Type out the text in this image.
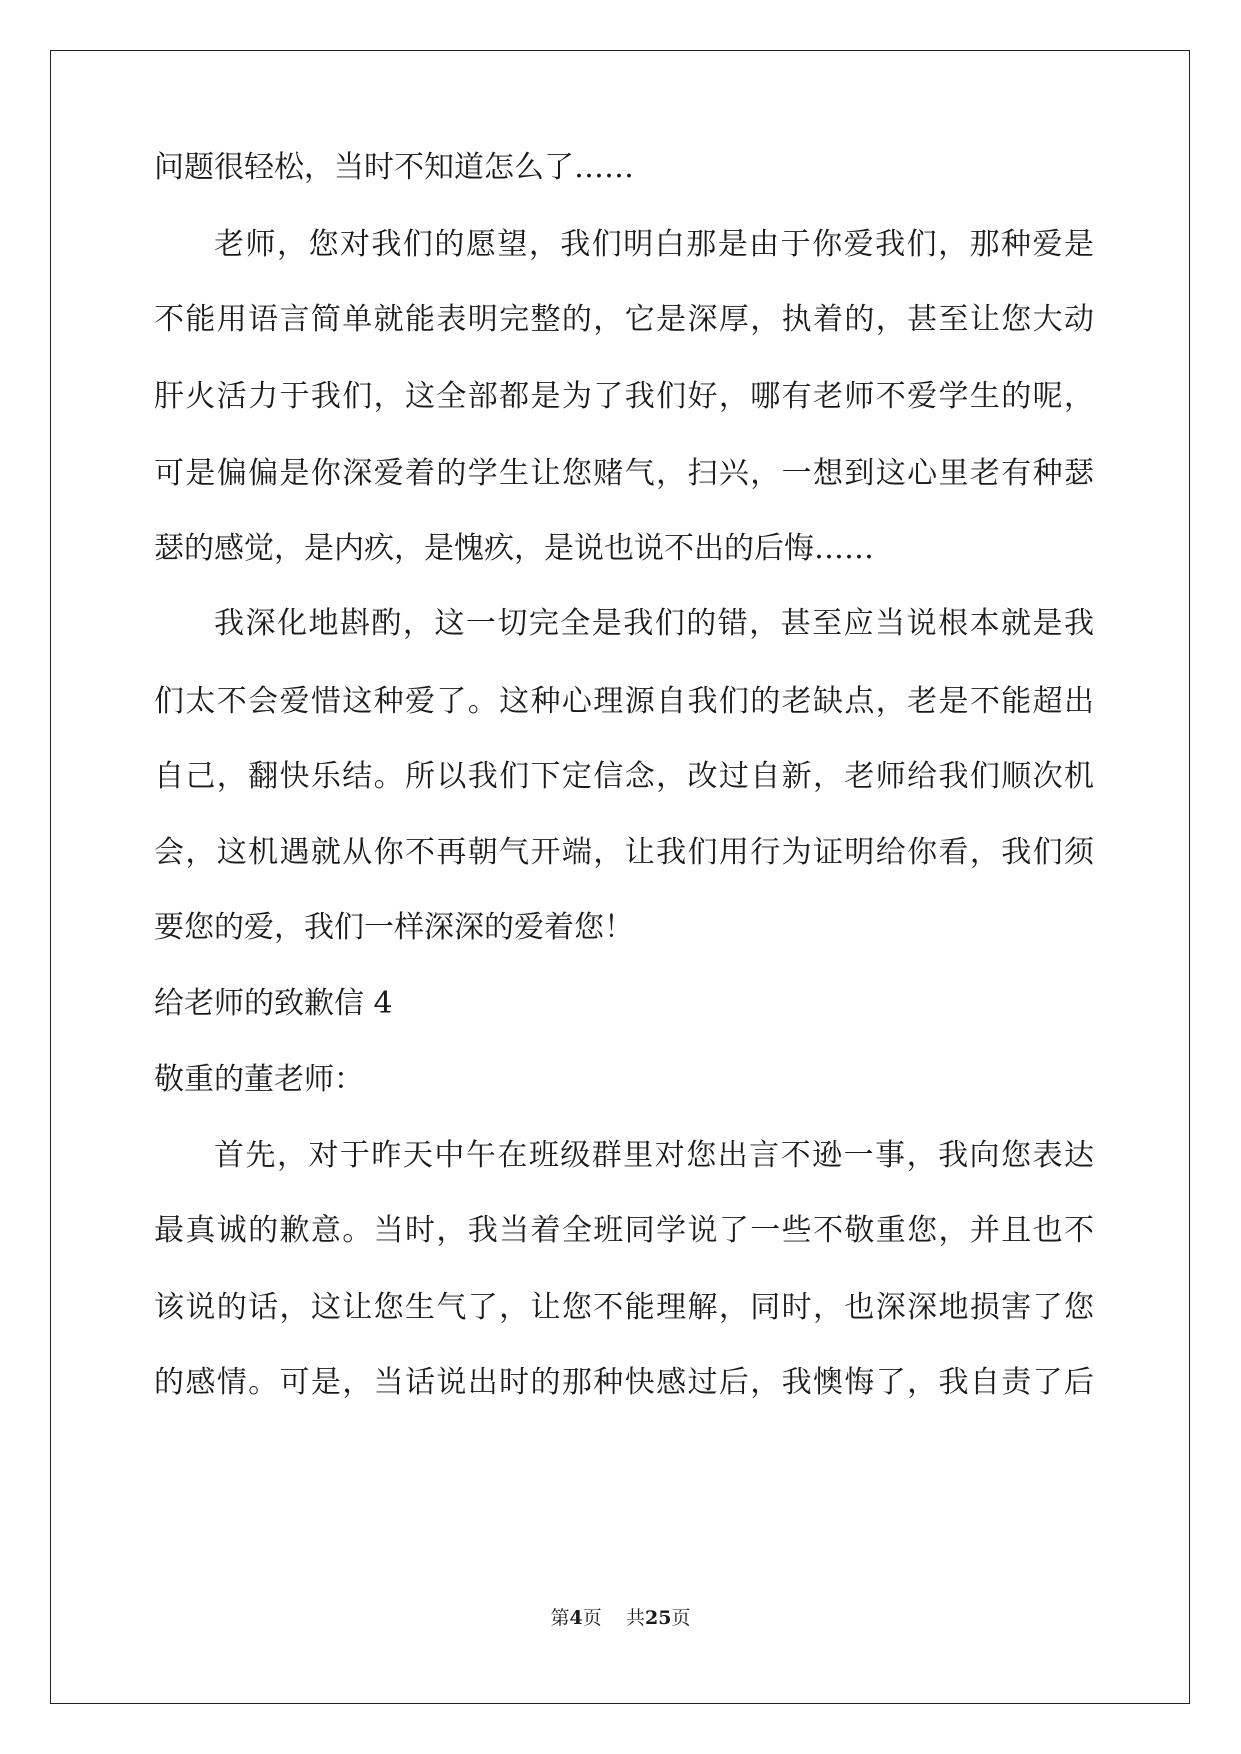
问题很轻松，当时不知道怎么了……
老师，您对我们的愿望，我们明白那是由于你爱我们，那种爱是
不能用语言简单就能表明完整的，它是深厚，执着的，甚至让您大动
肝火活力于我们，这全部都是为了我们好，哪有老师不爱学生的呢，
可是偏偏是你深爱着的学生让您赌气，扫兴，一想到这心里老有种瑟
瑟的感觉，是内疚，是愧疚，是说也说不出的后悔……
我深化地斟酌，这一切完全是我们的错，甚至应当说根本就是我
们太不会爱惜这种爱了。这种心理源自我们的老缺点，老是不能超出
自己，翻快乐结。所以我们下定信念，改过自新，老师给我们顺次机
会，这机遇就从你不再朝气开端，让我们用行为证明给你看，我们须
要您的爱，我们一样深深的爱着您！
给老师的致歉信 4
敬重的董老师：
首先，对于昨天中午在班级群里对您出言不逊一事，我向您表达
最真诚的歉意。当时，我当着全班同学说了一些不敬重您，并且也不
该说的话，这让您生气了，让您不能理解，同时，也深深地损害了您
的感情。可是，当话说出时的那种快感过后，我懊悔了，我自责了后
第4页 共25页
